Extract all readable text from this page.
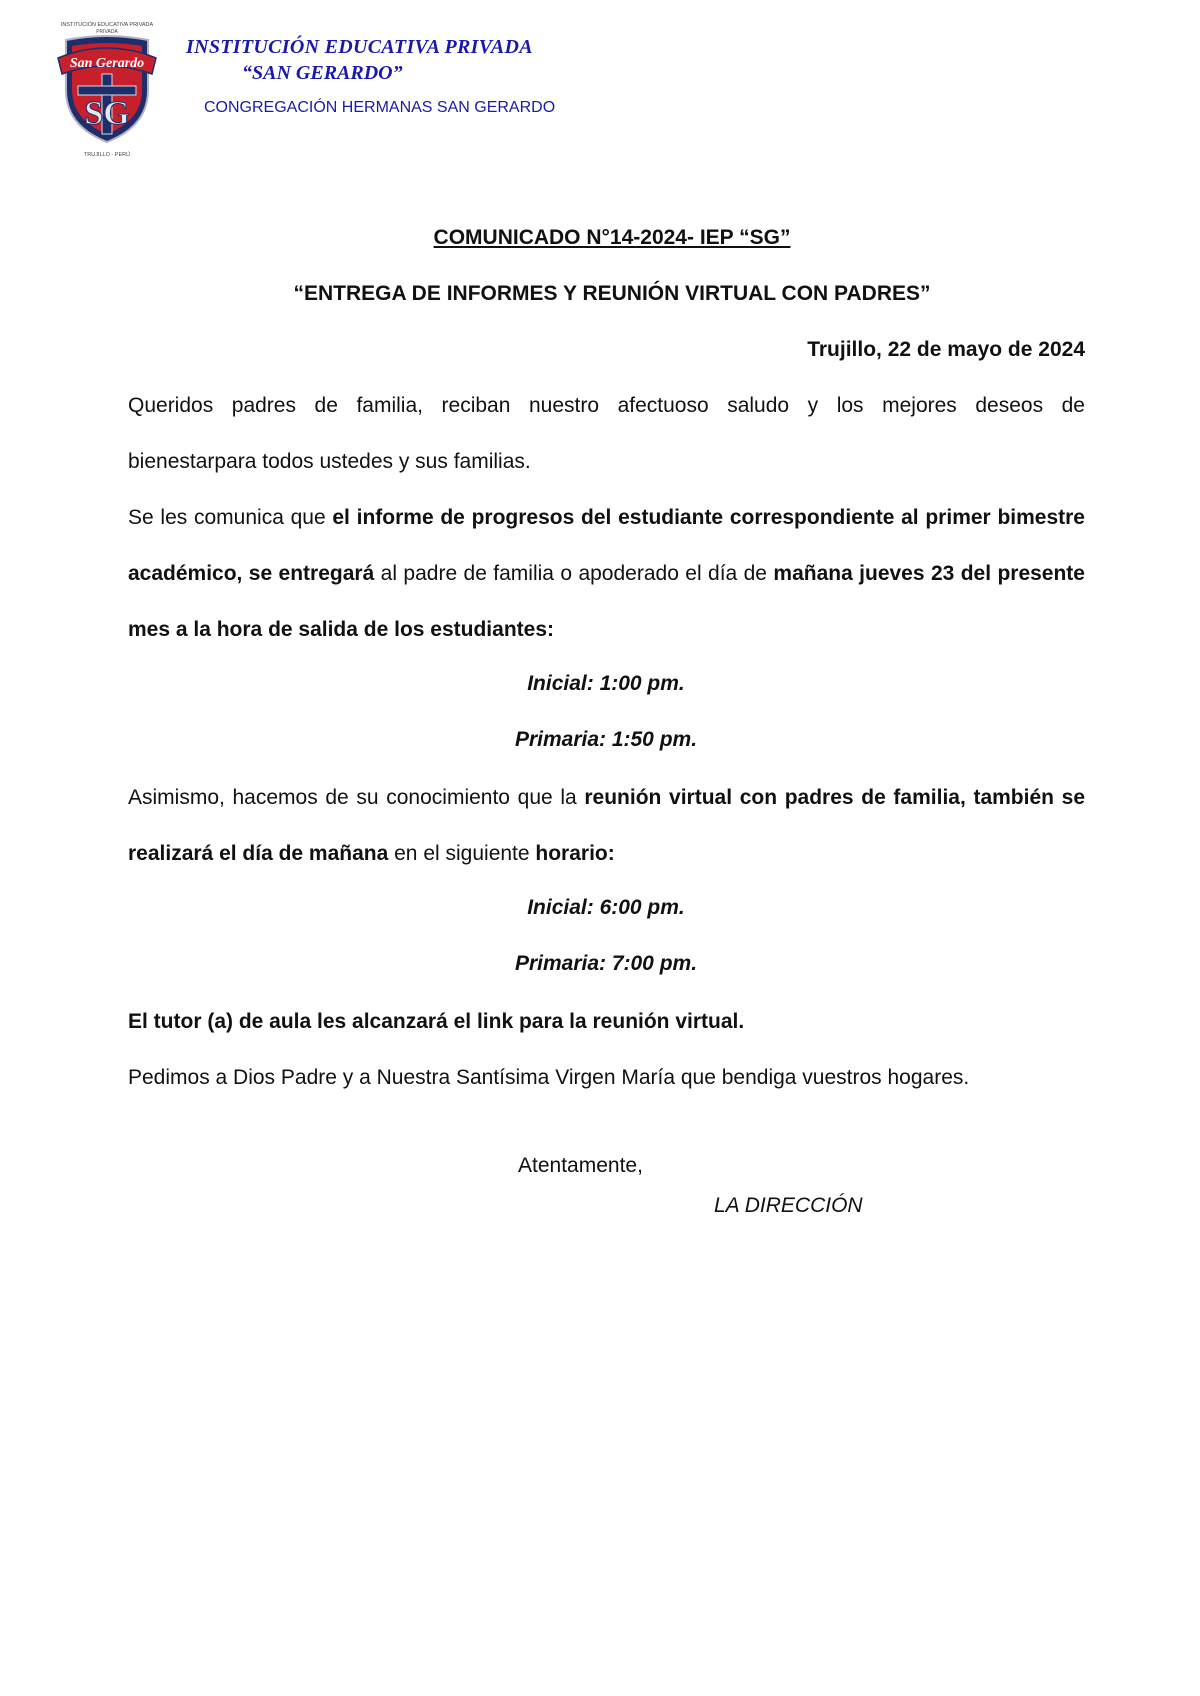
INSTITUCIÓN EDUCATIVA PRIVADA
PRIVADA
San Gerardo
SG
TRUJILLO - PERÚ
INSTITUCIÓN EDUCATIVA PRIVADA
“SAN GERARDO”
CONGREGACIÓN HERMANAS SAN GERARDO
COMUNICADO N°14-2024- IEP “SG”
“ENTREGA DE INFORMES Y REUNIÓN VIRTUAL CON PADRES”
Trujillo, 22 de mayo de 2024
Queridos padres de familia, reciban nuestro afectuoso saludo y los mejores deseos de
bienestarpara todos ustedes y sus familias.
Se les comunica que el informe de progresos del estudiante correspondiente al primer bimestre académico, se entregará al padre de familia o apoderado el día de mañana jueves 23 del presente mes a la hora de salida de los estudiantes:
Inicial: 1:00 pm.
Primaria: 1:50 pm.
Asimismo, hacemos de su conocimiento que la reunión virtual con padres de familia, también se realizará el día de mañana en el siguiente horario:
Inicial: 6:00 pm.
Primaria: 7:00 pm.
El tutor (a) de aula les alcanzará el link para la reunión virtual.
Pedimos a Dios Padre y a Nuestra Santísima Virgen María que bendiga vuestros hogares.
Atentamente,
LA DIRECCIÓN
